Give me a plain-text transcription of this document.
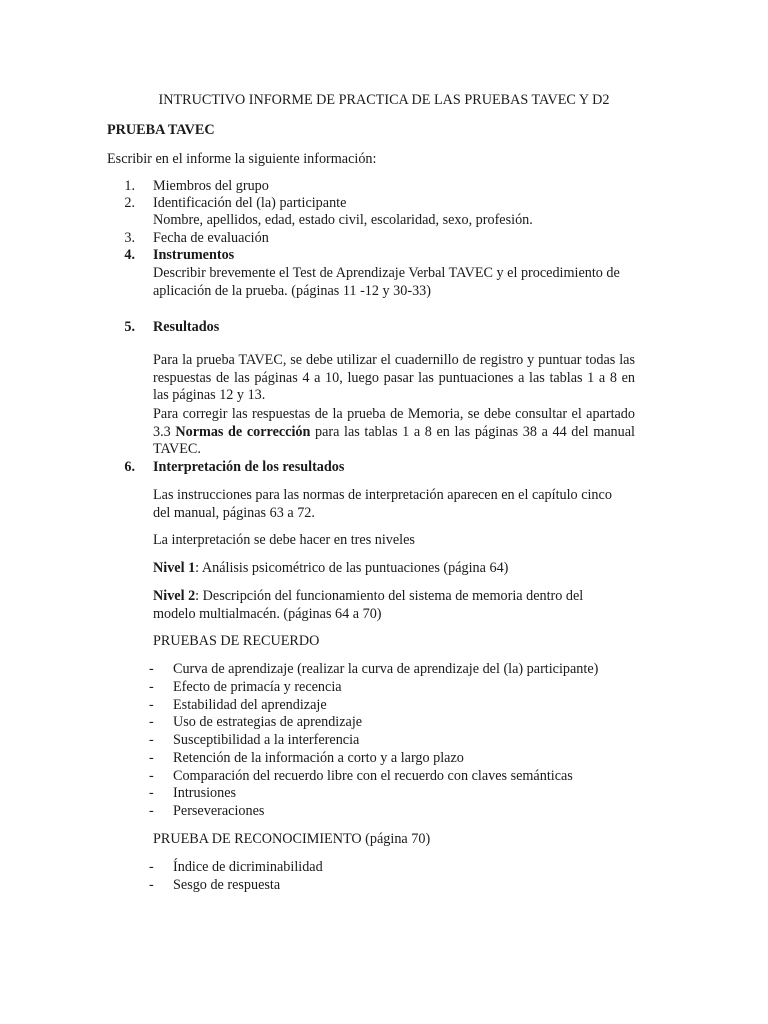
INTRUCTIVO INFORME DE PRACTICA DE LAS PRUEBAS TAVEC Y D2
PRUEBA TAVEC
Escribir en el informe la siguiente información:
1. Miembros del grupo
2. Identificación del (la) participante
Nombre, apellidos, edad, estado civil, escolaridad, sexo, profesión.
3. Fecha de evaluación
4. Instrumentos
Describir brevemente el Test de Aprendizaje Verbal TAVEC y el procedimiento de aplicación de la prueba. (páginas 11 -12 y 30-33)
5. Resultados
Para la prueba TAVEC, se debe utilizar el cuadernillo de registro y puntuar todas las respuestas de las páginas 4 a 10, luego pasar las puntuaciones a las tablas 1 a 8 en las páginas 12 y 13.
Para corregir las respuestas de la prueba de Memoria, se debe consultar el apartado 3.3 Normas de corrección para las tablas 1 a 8 en las páginas 38 a 44 del manual TAVEC.
6. Interpretación de los resultados
Las instrucciones para las normas de interpretación aparecen en el capítulo cinco del manual, páginas 63 a 72.
La interpretación se debe hacer en tres niveles
Nivel 1: Análisis psicométrico de las puntuaciones (página 64)
Nivel 2: Descripción del funcionamiento del sistema de memoria dentro del modelo multialmacén. (páginas 64 a 70)
PRUEBAS DE RECUERDO
- Curva de aprendizaje (realizar la curva de aprendizaje del (la) participante)
- Efecto de primacía y recencia
- Estabilidad del aprendizaje
- Uso de estrategias de aprendizaje
- Susceptibilidad a la interferencia
- Retención de la información a corto y a largo plazo
- Comparación del recuerdo libre con el recuerdo con claves semánticas
- Intrusiones
- Perseveraciones
PRUEBA DE RECONOCIMIENTO (página 70)
- Índice de dicriminabilidad
- Sesgo de respuesta
